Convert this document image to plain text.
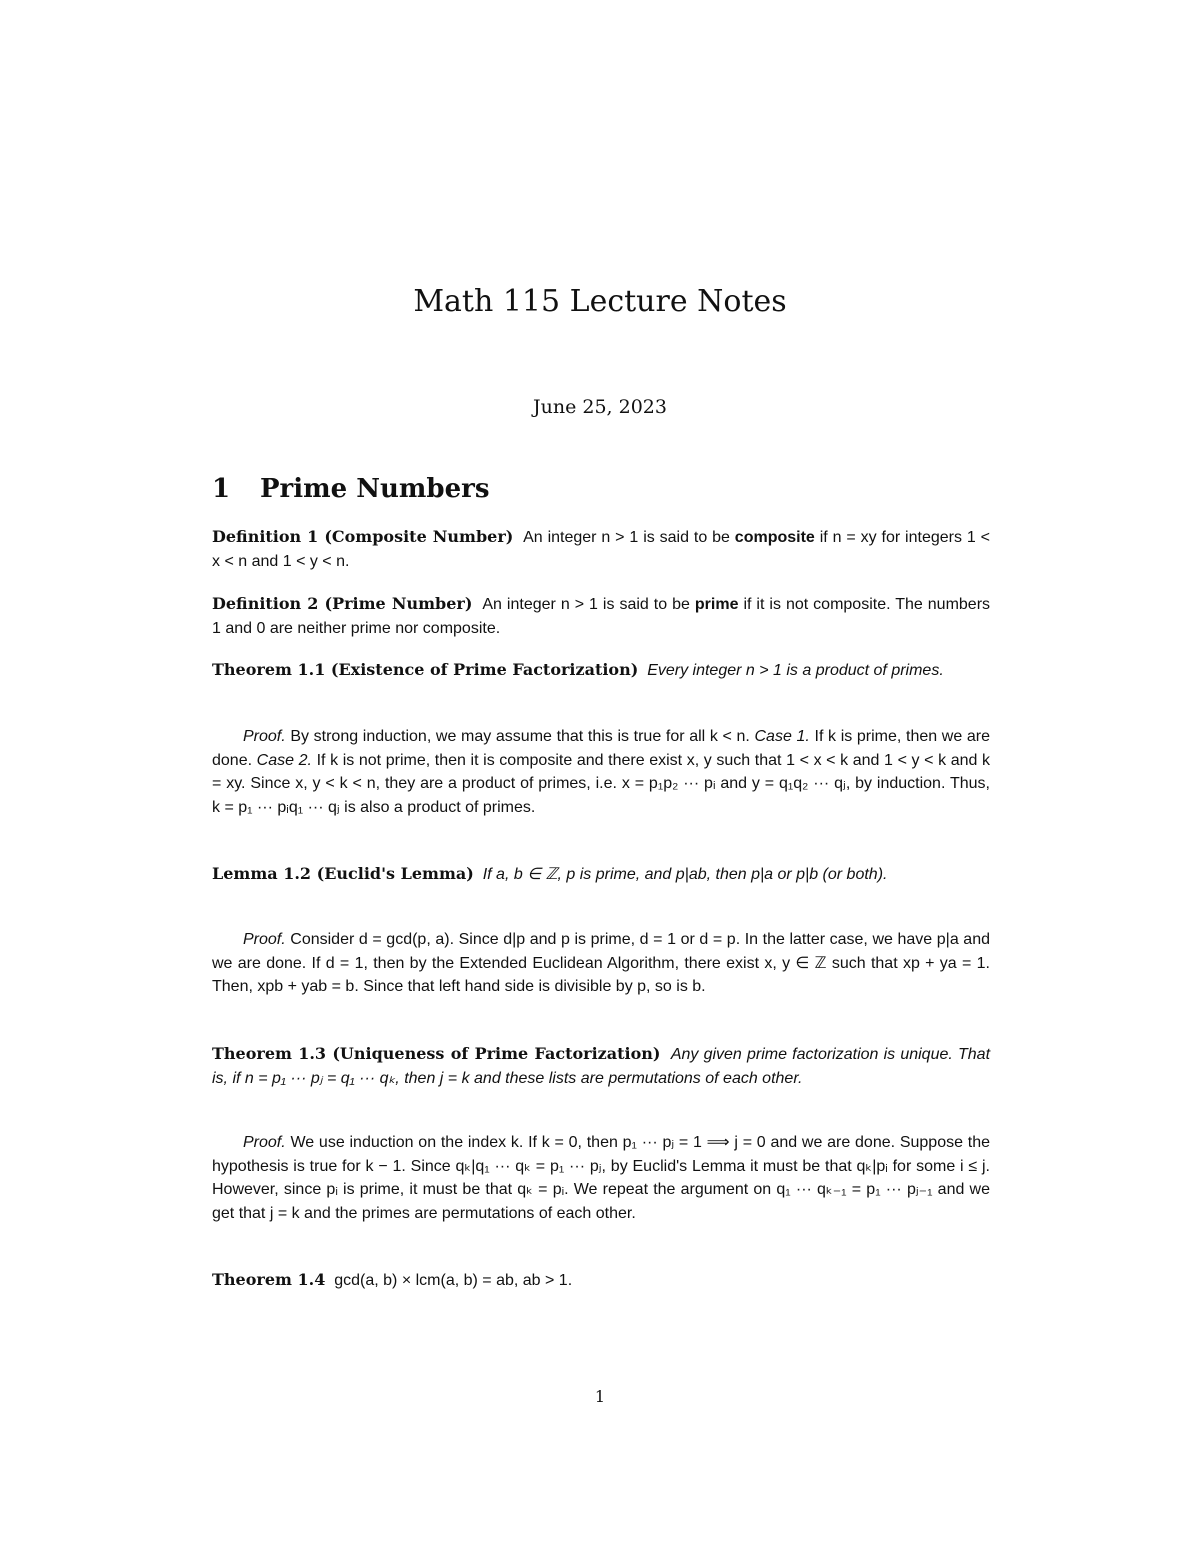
Math 115 Lecture Notes
June 25, 2023
1 Prime Numbers
Definition 1 (Composite Number) An integer n > 1 is said to be composite if n = xy for integers 1 < x < n and 1 < y < n.
Definition 2 (Prime Number) An integer n > 1 is said to be prime if it is not composite. The numbers 1 and 0 are neither prime nor composite.
Theorem 1.1 (Existence of Prime Factorization) Every integer n > 1 is a product of primes.
Proof. By strong induction, we may assume that this is true for all k < n. Case 1. If k is prime, then we are done. Case 2. If k is not prime, then it is composite and there exist x, y such that 1 < x < k and 1 < y < k and k = xy. Since x, y < k < n, they are a product of primes, i.e. x = p₁p₂ ··· pᵢ and y = q₁q₂ ··· qⱼ, by induction. Thus, k = p₁ ··· pᵢq₁ ··· qⱼ is also a product of primes.
Lemma 1.2 (Euclid's Lemma) If a, b ∈ ℤ, p is prime, and p|ab, then p|a or p|b (or both).
Proof. Consider d = gcd(p, a). Since d|p and p is prime, d = 1 or d = p. In the latter case, we have p|a and we are done. If d = 1, then by the Extended Euclidean Algorithm, there exist x, y ∈ ℤ such that xp + ya = 1. Then, xpb + yab = b. Since that left hand side is divisible by p, so is b.
Theorem 1.3 (Uniqueness of Prime Factorization) Any given prime factorization is unique. That is, if n = p₁ ··· pⱼ = q₁ ··· qₖ, then j = k and these lists are permutations of each other.
Proof. We use induction on the index k. If k = 0, then p₁ ··· pⱼ = 1 ⟹ j = 0 and we are done. Suppose the hypothesis is true for k − 1. Since qₖ|q₁ ··· qₖ = p₁ ··· pⱼ, by Euclid's Lemma it must be that qₖ|pᵢ for some i ≤ j. However, since pᵢ is prime, it must be that qₖ = pᵢ. We repeat the argument on q₁ ··· qₖ₋₁ = p₁ ··· pⱼ₋₁ and we get that j = k and the primes are permutations of each other.
Theorem 1.4 gcd(a, b) × lcm(a, b) = ab, ab > 1.
1
